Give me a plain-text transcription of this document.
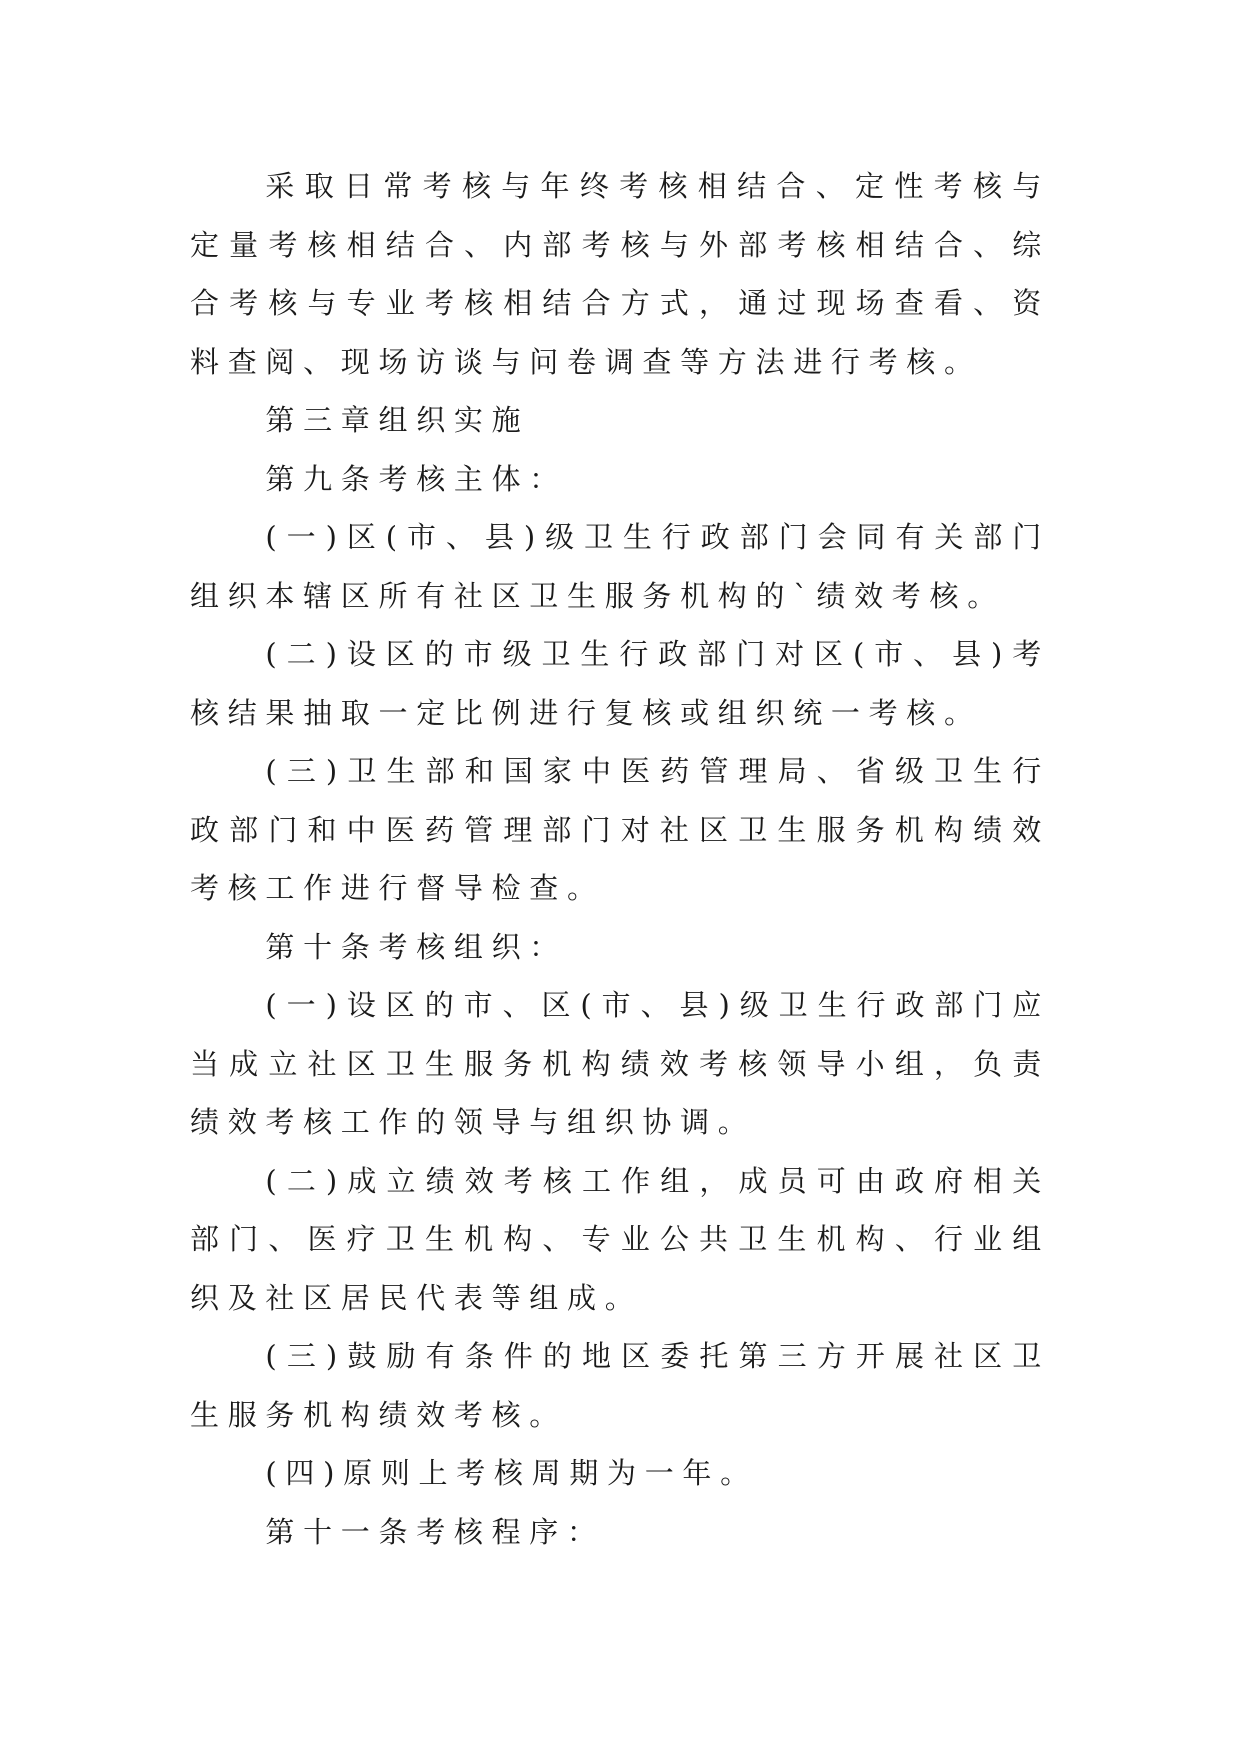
采取日常考核与年终考核相结合、定性考核与定量考核相结合、内部考核与外部考核相结合、综合考核与专业考核相结合方式，通过现场查看、资料查阅、现场访谈与问卷调查等方法进行考核。

第三章组织实施

第九条考核主体：

(一)区(市、县)级卫生行政部门会同有关部门组织本辖区所有社区卫生服务机构的`绩效考核。

(二)设区的市级卫生行政部门对区(市、县)考核结果抽取一定比例进行复核或组织统一考核。

(三)卫生部和国家中医药管理局、省级卫生行政部门和中医药管理部门对社区卫生服务机构绩效考核工作进行督导检查。

第十条考核组织：

(一)设区的市、区(市、县)级卫生行政部门应当成立社区卫生服务机构绩效考核领导小组，负责绩效考核工作的领导与组织协调。

(二)成立绩效考核工作组，成员可由政府相关部门、医疗卫生机构、专业公共卫生机构、行业组织及社区居民代表等组成。

(三)鼓励有条件的地区委托第三方开展社区卫生服务机构绩效考核。

(四)原则上考核周期为一年。

第十一条考核程序：
